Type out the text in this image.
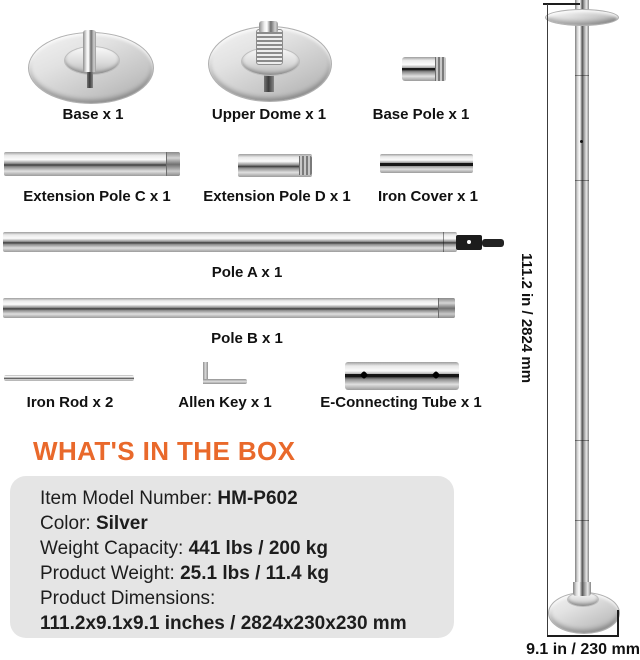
Base x 1	Upper Dome x 1	Base Pole x 1
Extension Pole C x 1 Extension Pole D x 1 Iron Cover x 1
Pole A x 1
Pole B x 1
Iron Rod x 2	Allen Key x 1	E-Connecting Tube x 1
WHAT'S IN THE BOX
Item Model Number: HM-P602
Color: Silver
Weight Capacity: 441 lbs / 200 kg
Product Weight: 25.1 lbs / 11.4 kg
Product Dimensions:
111.2x9.1x9.1 inches / 2824x230x230 mm
111.2 in / 2824 mm
9.1 in / 230 mm
